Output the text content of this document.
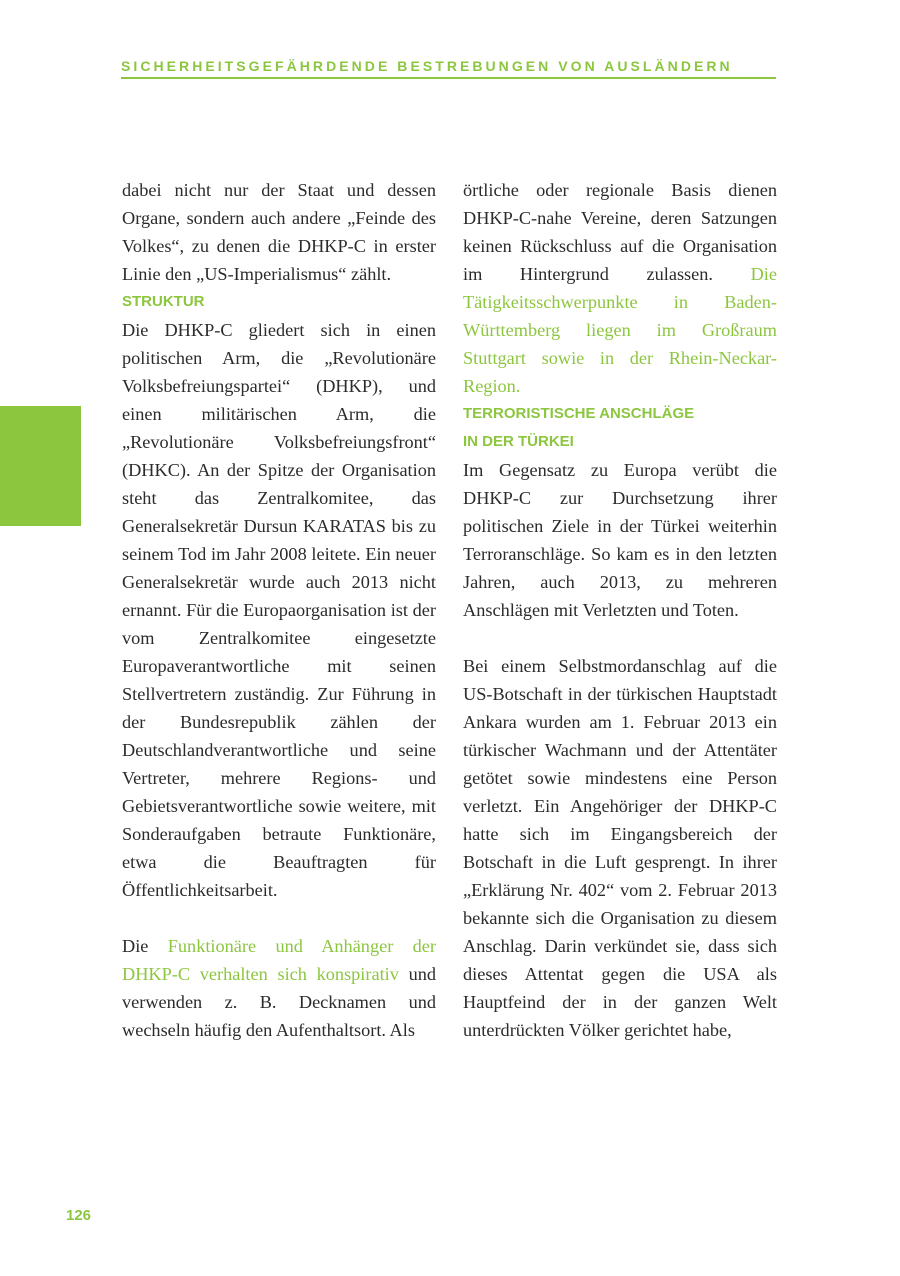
SICHERHEITSGEFÄHRDENDE BESTREBUNGEN VON AUSLÄNDERN

dabei nicht nur der Staat und dessen Organe, sondern auch andere „Feinde des Volkes“, zu denen die DHKP-C in erster Linie den „US-Imperialismus“ zählt.

STRUKTUR

Die DHKP-C gliedert sich in einen politischen Arm, die „Revolutionäre Volksbefreiungspartei“ (DHKP), und einen militärischen Arm, die „Revolutionäre Volksbefreiungsfront“ (DHKC). An der Spitze der Organisation steht das Zentralkomitee, das Generalsekretär Dursun KARATAS bis zu seinem Tod im Jahr 2008 leitete. Ein neuer Generalsekretär wurde auch 2013 nicht ernannt. Für die Europaorganisation ist der vom Zentralkomitee eingesetzte Europaverantwortliche mit seinen Stellvertretern zuständig. Zur Führung in der Bundesrepublik zählen der Deutschlandverantwortliche und seine Vertreter, mehrere Regions- und Gebietsverantwortliche sowie weitere, mit Sonderaufgaben betraute Funktionäre, etwa die Beauftragten für Öffentlichkeitsarbeit.

Die Funktionäre und Anhänger der DHKP-C verhalten sich konspirativ und verwenden z. B. Decknamen und wechseln häufig den Aufenthaltsort. Als

örtliche oder regionale Basis dienen DHKP-C-nahe Vereine, deren Satzungen keinen Rückschluss auf die Organisation im Hintergrund zulassen. Die Tätigkeitsschwerpunkte in Baden-Württemberg liegen im Großraum Stuttgart sowie in der Rhein-Neckar-Region.

TERRORISTISCHE ANSCHLÄGE
IN DER TÜRKEI

Im Gegensatz zu Europa verübt die DHKP-C zur Durchsetzung ihrer politischen Ziele in der Türkei weiterhin Terroranschläge. So kam es in den letzten Jahren, auch 2013, zu mehreren Anschlägen mit Verletzten und Toten.

Bei einem Selbstmordanschlag auf die US-Botschaft in der türkischen Hauptstadt Ankara wurden am 1. Februar 2013 ein türkischer Wachmann und der Attentäter getötet sowie mindestens eine Person verletzt. Ein Angehöriger der DHKP-C hatte sich im Eingangsbereich der Botschaft in die Luft gesprengt. In ihrer „Erklärung Nr. 402“ vom 2. Februar 2013 bekannte sich die Organisation zu diesem Anschlag. Darin verkündet sie, dass sich dieses Attentat gegen die USA als Hauptfeind der in der ganzen Welt unterdrückten Völker gerichtet habe,

126
